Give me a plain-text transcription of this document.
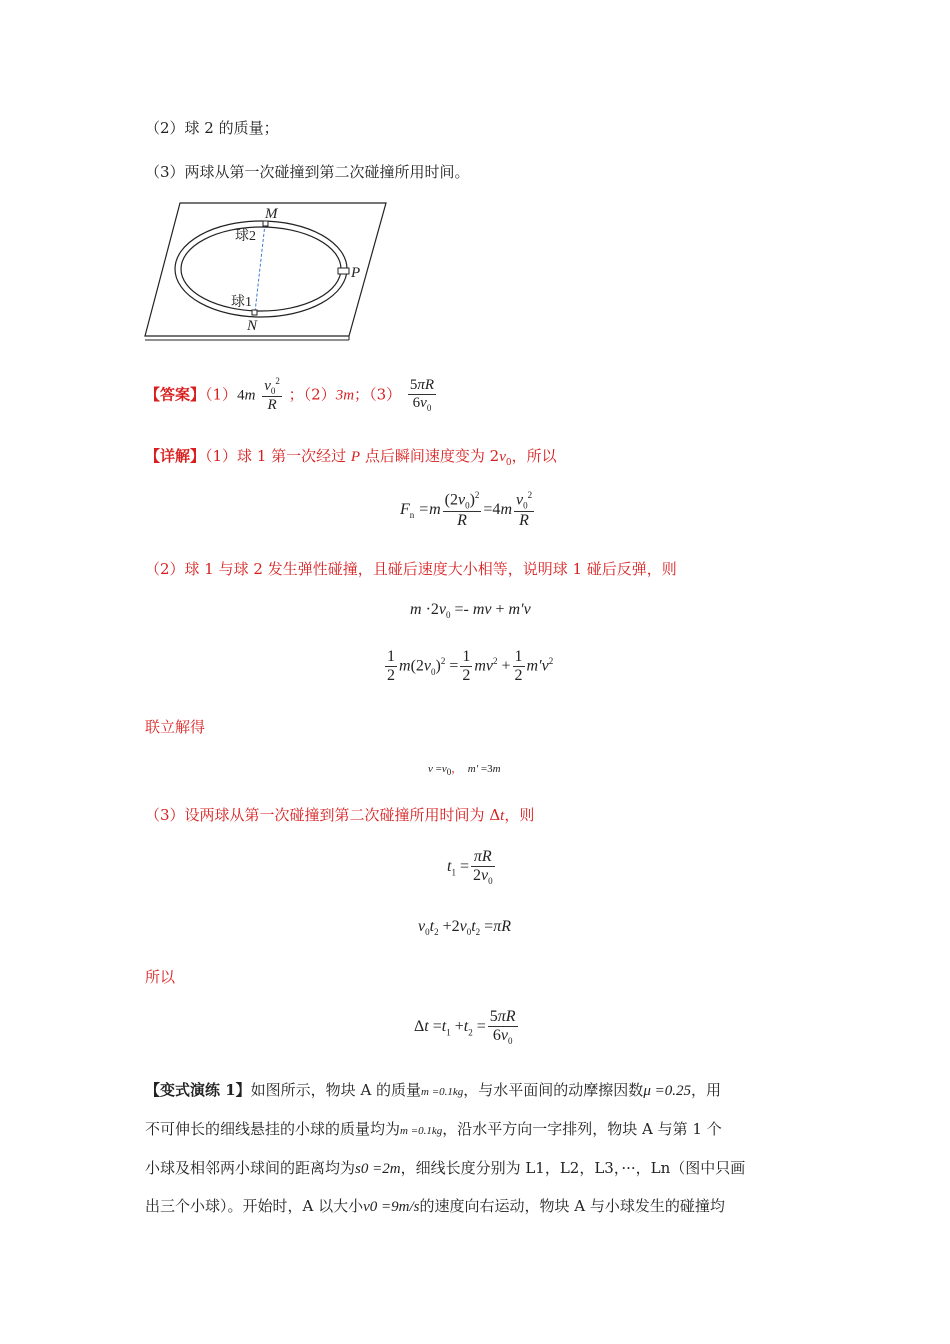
（2）球 2 的质量；
（3）两球从第一次碰撞到第二次碰撞所用时间。
M
P
N
球2
球1
【答案】$(1)4m \frac{v_0^2}{R}$ ；（2）3m；$(3) \frac{5\pi R}{6v_0}$
【详解】（1）球 1 第一次经过 P 点后瞬间速度变为 $2v_0$，所以
$F_n =m \frac{(2v_0)^2}{R} =4m \frac{v_0^2}{R}$
（2）球 1 与球 2 发生弹性碰撞，且碰后速度大小相等，说明球 1 碰后反弹，则
$m \cdot 2v_0$ =- mv + m′v
$\frac{1}{2} m(2v_0)^2 = \frac{1}{2} mv^2 + \frac{1}{2} m'v^2$
联立解得
$v =v_0$，  m′ =3m
（3）设两球从第一次碰撞到第二次碰撞所用时间为 Δt，则
$t_1 = \frac{\pi R}{2v_0}$
$v_0t_2 +2v_0t_2 =\pi R$
所以
$\Delta t =t_1 +t_2 = \frac{5\pi R}{6v_0}$
【变式演练 1】如图所示，物块 A 的质量m =0.1kg，与水平面间的动摩擦因数μ =0.25，用
不可伸长的细线悬挂的小球的质量均为m =0.1kg，沿水平方向一字排列，物块 A 与第 1 个
小球及相邻两小球间的距离均为s0 =2m，细线长度分别为 L1，L2，L3，···，Ln（图中只画
出三个小球）。开始时，A 以大小v0 =9m/s的速度向右运动，物块 A 与小球发生的碰撞均
